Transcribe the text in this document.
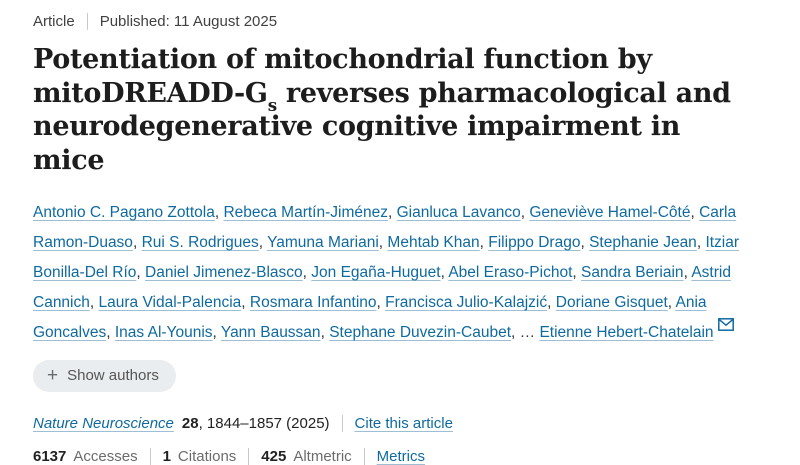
Article Published:
11 August 2025
Potentiation of mitochondrial function by
mitoDREADD-$G_s$ reverses pharmacological and
neurodegenerative cognitive impairment in mice

Antonio C. Pagano Zottola, Rebeca Martín-Jiménez, Gianluca Lavanco, Geneviève Hamel-Côté, Carla Ramon-Duaso, Rui S. Rodrigues, Yamuna Mariani, Mehtab Khan, Filippo Drago, Stephanie Jean, Itziar Bonilla-Del Río, Daniel Jimenez-Blasco, Jon Egaña-Huguet, Abel Eraso-Pichot, Sandra Beriain, Astrid Cannich, Laura Vidal-Palencia, Rosmara Infantino, Francisca Julio-Kalajzić, Doriane Gisquet, Ania Goncalves, Inas Al-Younis, Yann Baussan, Stephane Duvezin-Caubet, … Etienne Hebert-Chatelain

+ Show authors
Nature Neuroscience 28 , 1844–1857 (2025) Cite this article
6137 Accesses 1 Citations 425 Altmetric Metrics
